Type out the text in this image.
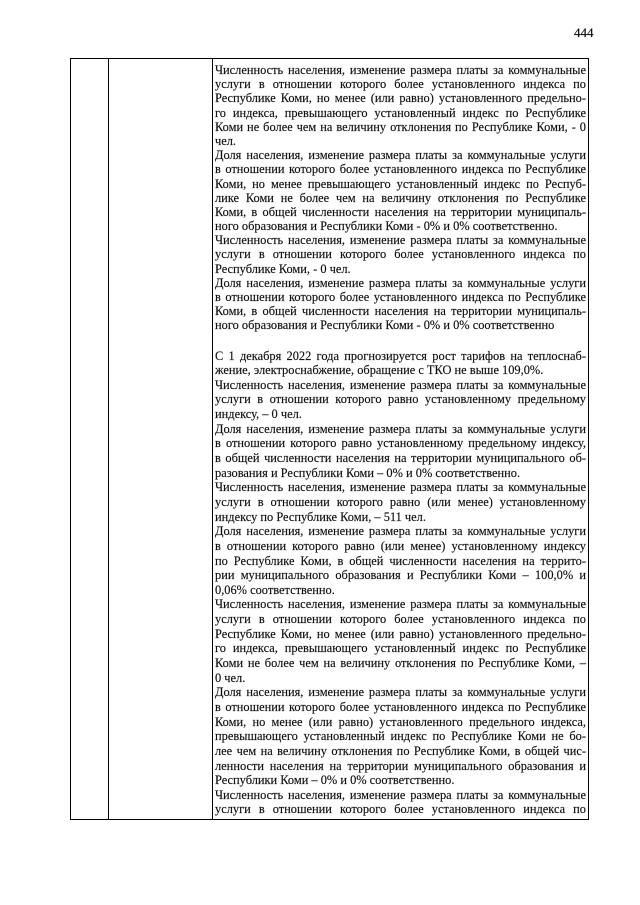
444
Численность населения, изменение размера платы за коммунальные
услуги в отношении которого более установленного индекса по
Республике Коми, но менее (или равно) установленного предельно-
го индекса, превышающего установленный индекс по Республике
Коми не более чем на величину отклонения по Республике Коми, - 0
чел.
Доля населения, изменение размера платы за коммунальные услуги
в отношении которого более установленного индекса по Республике
Коми, но менее превышающего установленный индекс по Респуб-
лике Коми не более чем на величину отклонения по Республике
Коми, в общей численности населения на территории муниципаль-
ного образования и Республики Коми - 0% и 0% соответственно.
Численность населения, изменение размера платы за коммунальные
услуги в отношении которого более установленного индекса по
Республике Коми, - 0 чел.
Доля населения, изменение размера платы за коммунальные услуги
в отношении которого более установленного индекса по Республике
Коми, в общей численности населения на территории муниципаль-
ного образования и Республики Коми - 0% и 0% соответственно
С 1 декабря 2022 года прогнозируется рост тарифов на теплоснаб-
жение, электроснабжение, обращение с ТКО не выше 109,0%.
Численность населения, изменение размера платы за коммунальные
услуги в отношении которого равно установленному предельному
индексу, – 0 чел.
Доля населения, изменение размера платы за коммунальные услуги
в отношении которого равно установленному предельному индексу,
в общей численности населения на территории муниципального об-
разования и Республики Коми – 0% и 0% соответственно.
Численность населения, изменение размера платы за коммунальные
услуги в отношении которого равно (или менее) установленному
индексу по Республике Коми, – 511 чел.
Доля населения, изменение размера платы за коммунальные услуги
в отношении которого равно (или менее) установленному индексу
по Республике Коми, в общей численности населения на террито-
рии муниципального образования и Республики Коми – 100,0% и
0,06% соответственно.
Численность населения, изменение размера платы за коммунальные
услуги в отношении которого более установленного индекса по
Республике Коми, но менее (или равно) установленного предельно-
го индекса, превышающего установленный индекс по Республике
Коми не более чем на величину отклонения по Республике Коми, –
0 чел.
Доля населения, изменение размера платы за коммунальные услуги
в отношении которого более установленного индекса по Республике
Коми, но менее (или равно) установленного предельного индекса,
превышающего установленный индекс по Республике Коми не бо-
лее чем на величину отклонения по Республике Коми, в общей чис-
ленности населения на территории муниципального образования и
Республики Коми – 0% и 0% соответственно.
Численность населения, изменение размера платы за коммунальные
услуги в отношении которого более установленного индекса по
